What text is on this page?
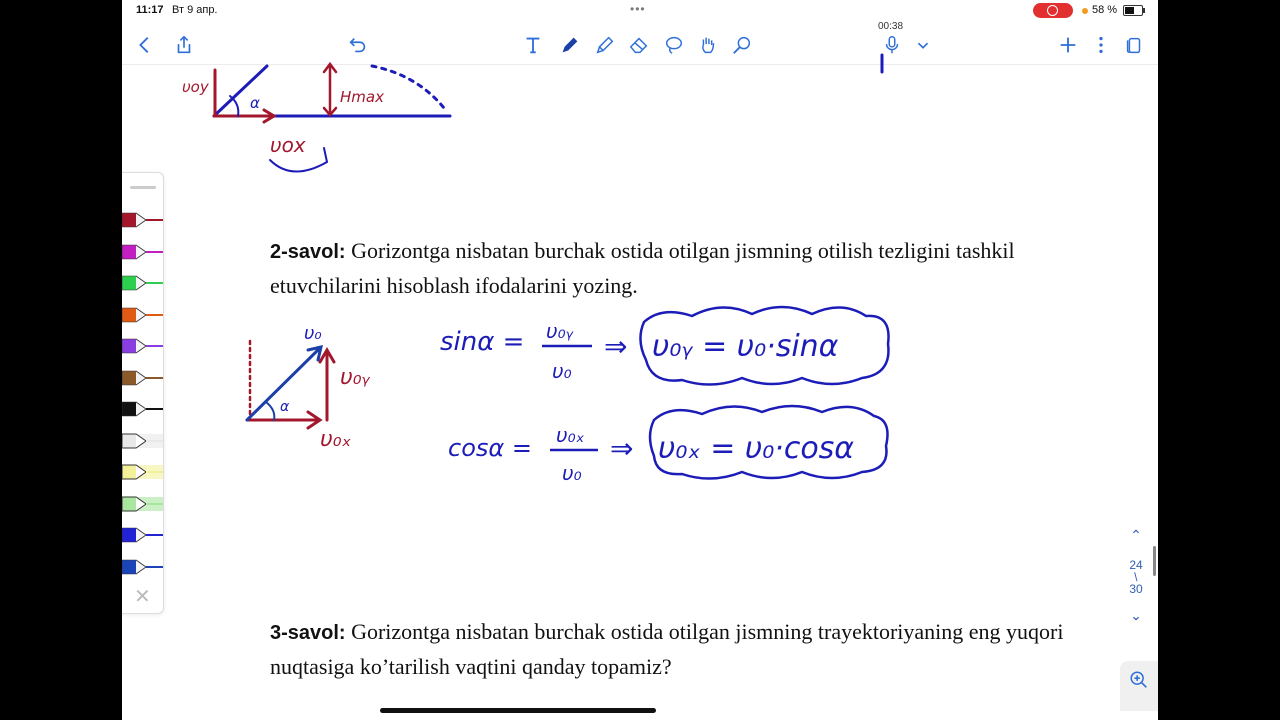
11:17 Вт 9 апр.	•••	58 %
00:38
2-savol: Gorizontga nisbatan burchak ostida otilgan jismning otilish tezligini tashkil etuvchilarini hisoblash ifodalarini yozing.
3-savol: Gorizontga nisbatan burchak ostida otilgan jismning trayektoriyaning eng yuqori nuqtasiga ko’tarilish vaqtini qanday topamiz?
υoy
α	Hmax
υox
υ₀
υ₀ᵧ
υ₀ₓ
α
sinα = υ₀ᵧ
υ₀
⇒ υ₀ᵧ = υ₀·sinα
cosα = υ₀ₓ
υ₀
⇒ υ₀ₓ = υ₀·cosα
✕
⌃
24
/
30
⌃
